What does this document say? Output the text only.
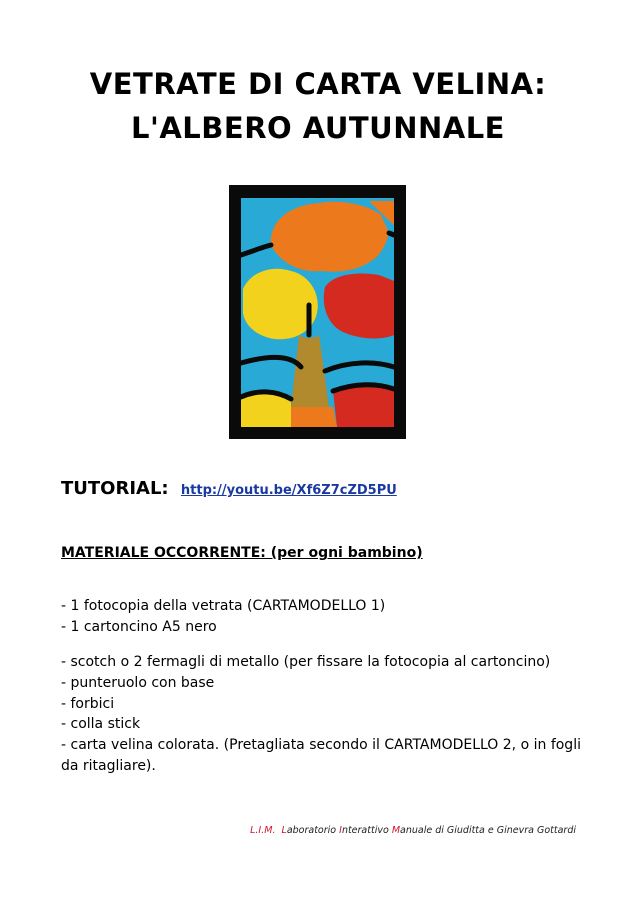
VETRATE DI CARTA VELINA:
L'ALBERO AUTUNNALE
TUTORIAL: http://youtu.be/Xf6Z7cZD5PU
MATERIALE OCCORRENTE: (per ogni bambino)
- 1 fotocopia della vetrata (CARTAMODELLO 1)
- 1 cartoncino A5 nero
- scotch o 2 fermagli di metallo (per fissare la fotocopia al cartoncino)
- punteruolo con base
- forbici
- colla stick
- carta velina colorata. (Pretagliata secondo il CARTAMODELLO 2, o in fogli da ritagliare).
L.I.M. Laboratorio Interattivo Manuale di Giuditta e Ginevra Gottardi
